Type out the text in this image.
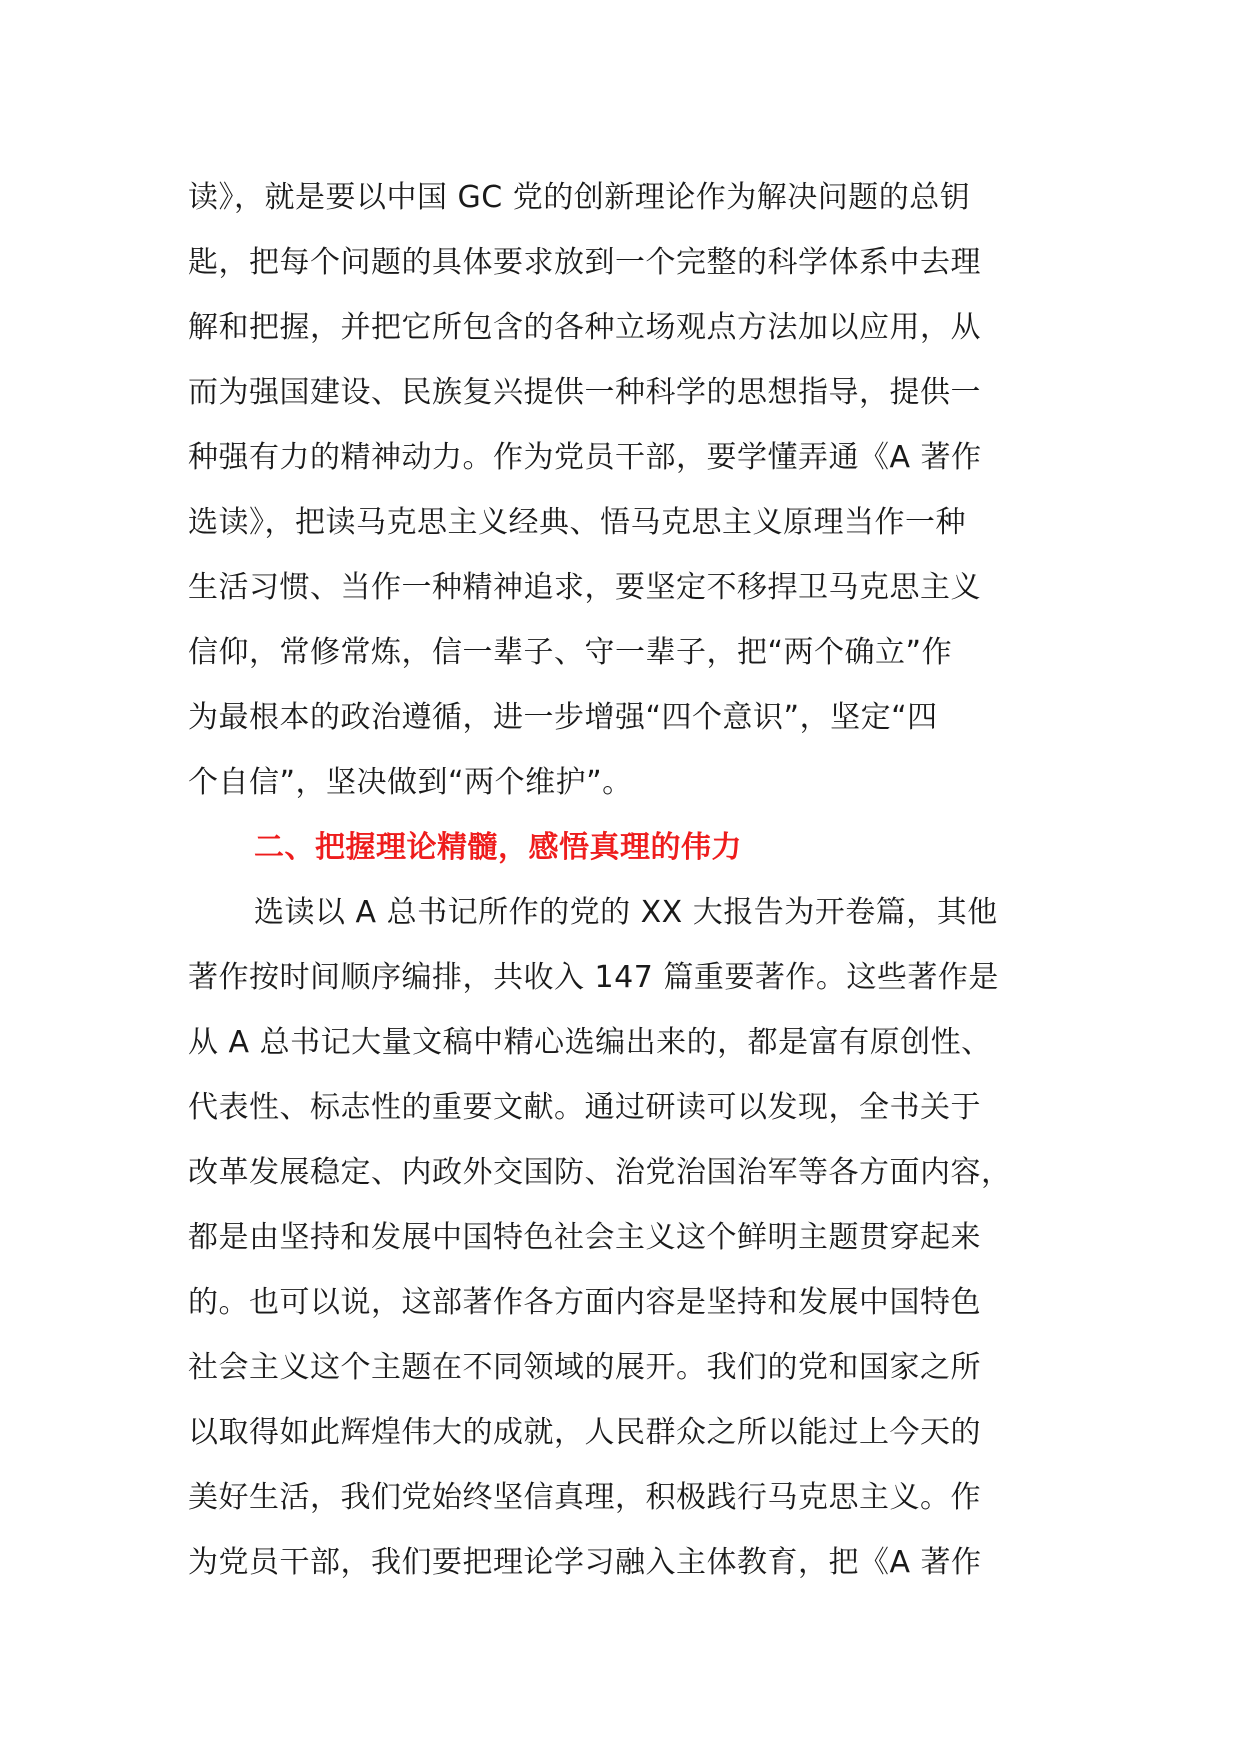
读》，就是要以中国 GC 党的创新理论作为解决问题的总钥
匙，把每个问题的具体要求放到一个完整的科学体系中去理
解和把握，并把它所包含的各种立场观点方法加以应用，从
而为强国建设、民族复兴提供一种科学的思想指导，提供一
种强有力的精神动力。作为党员干部，要学懂弄通《A 著作
选读》，把读马克思主义经典、悟马克思主义原理当作一种
生活习惯、当作一种精神追求，要坚定不移捍卫马克思主义
信仰，常修常炼，信一辈子、守一辈子，把“两个确立”作
为最根本的政治遵循，进一步增强“四个意识”，坚定“四
个自信”，坚决做到“两个维护”。
二、把握理论精髓，感悟真理的伟力
选读以 A 总书记所作的党的 XX 大报告为开卷篇，其他
著作按时间顺序编排，共收入 147 篇重要著作。这些著作是
从 A 总书记大量文稿中精心选编出来的，都是富有原创性、
代表性、标志性的重要文献。通过研读可以发现，全书关于
改革发展稳定、内政外交国防、治党治国治军等各方面内容，
都是由坚持和发展中国特色社会主义这个鲜明主题贯穿起来
的。也可以说，这部著作各方面内容是坚持和发展中国特色
社会主义这个主题在不同领域的展开。我们的党和国家之所
以取得如此辉煌伟大的成就，人民群众之所以能过上今天的
美好生活，我们党始终坚信真理，积极践行马克思主义。作
为党员干部，我们要把理论学习融入主体教育，把《A 著作
